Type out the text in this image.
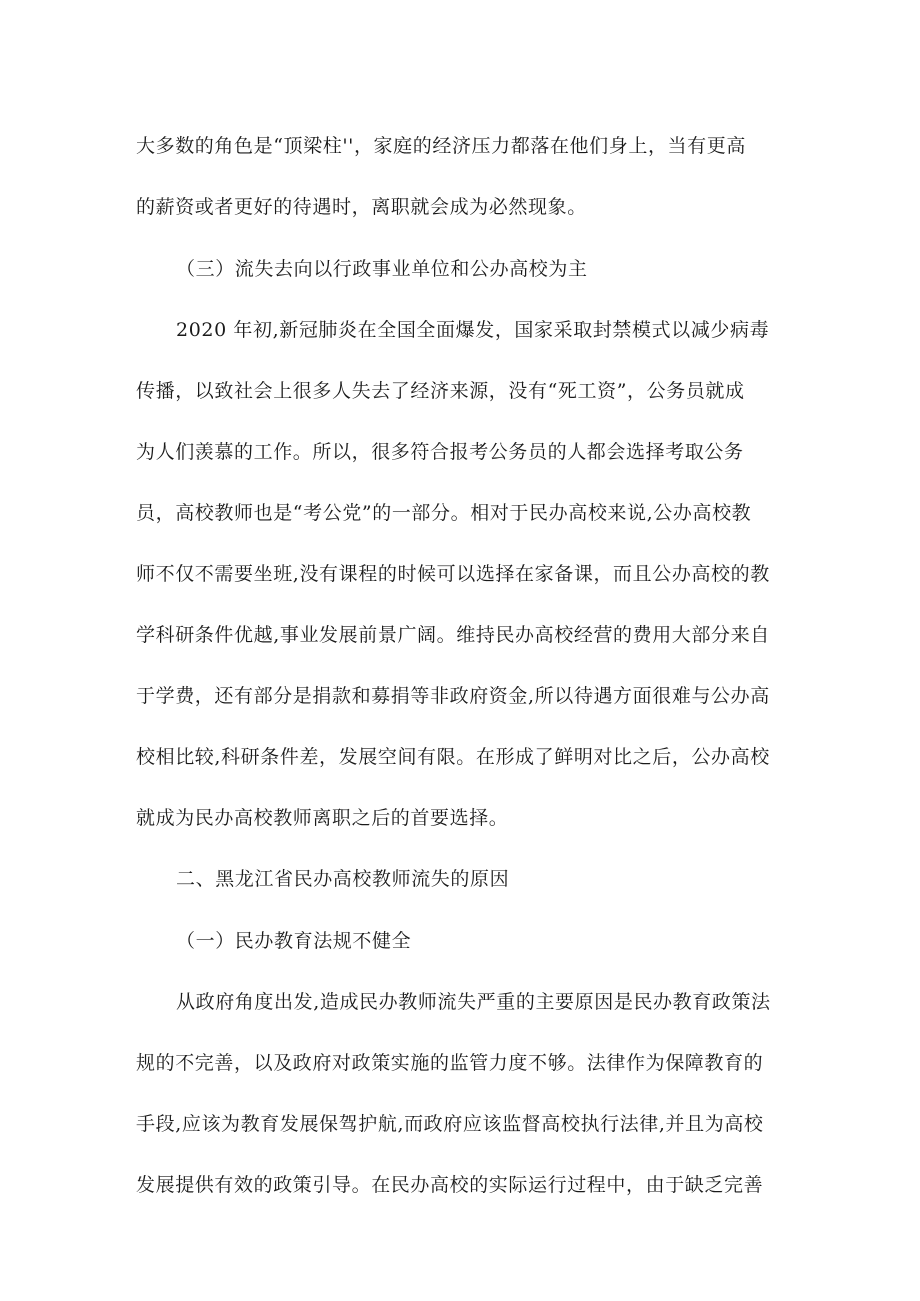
大多数的角色是“顶梁柱''，家庭的经济压力都落在他们身上，当有更高
的薪资或者更好的待遇时，离职就会成为必然现象。
（三）流失去向以行政事业单位和公办高校为主
2020 年初,新冠肺炎在全国全面爆发，国家采取封禁模式以减少病毒
传播，以致社会上很多人失去了经济来源，没有“死工资”，公务员就成
为人们羡慕的工作。所以，很多符合报考公务员的人都会选择考取公务
员，高校教师也是“考公党”的一部分。相对于民办高校来说,公办高校教
师不仅不需要坐班,没有课程的时候可以选择在家备课，而且公办高校的教
学科研条件优越,事业发展前景广阔。维持民办高校经营的费用大部分来自
于学费，还有部分是捐款和募捐等非政府资金,所以待遇方面很难与公办高
校相比较,科研条件差，发展空间有限。在形成了鲜明对比之后，公办高校
就成为民办高校教师离职之后的首要选择。
二、黑龙江省民办高校教师流失的原因
（一）民办教育法规不健全
从政府角度出发,造成民办教师流失严重的主要原因是民办教育政策法
规的不完善，以及政府对政策实施的监管力度不够。法律作为保障教育的
手段,应该为教育发展保驾护航,而政府应该监督高校执行法律,并且为高校
发展提供有效的政策引导。在民办高校的实际运行过程中，由于缺乏完善
